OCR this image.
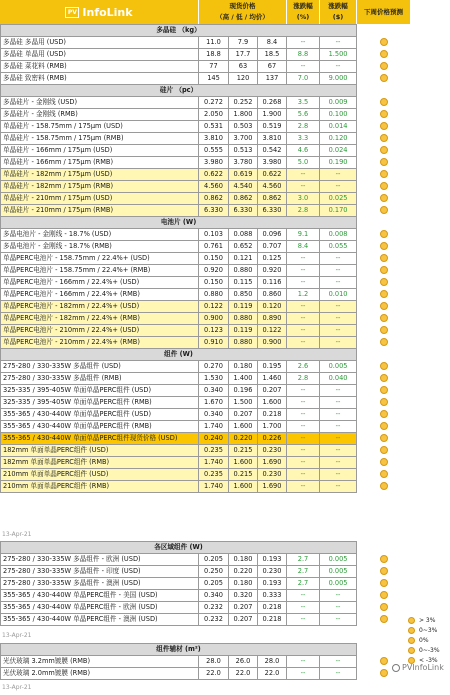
PV InfoLink	现货价格
（高 / 低 / 均价）
涨跌幅
(%)
涨跌幅
($)
下周价格预测
多晶硅 （kg）						
多晶硅 多晶用 (USD)	11.0	7.9	8.4	--	--	
多晶硅 单晶用 (USD)	18.8	17.7	18.5	8.8	1.500	
多晶硅 菜花料 (RMB)	77	63	67	--	--	
多晶硅 致密料 (RMB)	145	120	137	7.0	9.000	
硅片 （pc）						
多晶硅片 - 金刚线 (USD)	0.272	0.252	0.268	3.5	0.009	
多晶硅片 - 金刚线 (RMB)	2.050	1.800	1.900	5.6	0.100	
单晶硅片 - 158.75mm / 175μm (USD)	0.531	0.503	0.519	2.8	0.014	
单晶硅片 - 158.75mm / 175μm (RMB)	3.810	3.700	3.810	3.3	0.120	
单晶硅片 - 166mm / 175μm (USD)	0.555	0.513	0.542	4.6	0.024	
单晶硅片 - 166mm / 175μm (RMB)	3.980	3.780	3.980	5.0	0.190	
单晶硅片 - 182mm / 175μm (USD)	0.622	0.619	0.622	--	--	
单晶硅片 - 182mm / 175μm (RMB)	4.560	4.540	4.560	--	--	
单晶硅片 - 210mm / 175μm (USD)	0.862	0.862	0.862	3.0	0.025	
单晶硅片 - 210mm / 175μm (RMB)	6.330	6.330	6.330	2.8	0.170	
电池片 (W)						
多晶电池片 - 金刚线 - 18.7% (USD)	0.103	0.088	0.096	9.1	0.008	
多晶电池片 - 金刚线 - 18.7% (RMB)	0.761	0.652	0.707	8.4	0.055	
单晶PERC电池片 - 158.75mm / 22.4%+ (USD)	0.150	0.121	0.125	--	--	
单晶PERC电池片 - 158.75mm / 22.4%+ (RMB)	0.920	0.880	0.920	--	--	
单晶PERC电池片 - 166mm / 22.4%+ (USD)	0.150	0.115	0.116	--	--	
单晶PERC电池片 - 166mm / 22.4%+ (RMB)	0.880	0.850	0.860	1.2	0.010	
单晶PERC电池片 - 182mm / 22.4%+ (USD)	0.122	0.119	0.120	--	--	
单晶PERC电池片 - 182mm / 22.4%+ (RMB)	0.900	0.880	0.890	--	--	
单晶PERC电池片 - 210mm / 22.4%+ (USD)	0.123	0.119	0.122	--	--	
单晶PERC电池片 - 210mm / 22.4%+ (RMB)	0.910	0.880	0.900	--	--	
组件 (W)						
275-280 / 330-335W 多晶组件 (USD)	0.270	0.180	0.195	2.6	0.005	
275-280 / 330-335W 多晶组件 (RMB)	1.530	1.400	1.460	2.8	0.040	
325-335 / 395-405W 单面单晶PERC组件 (USD)	0.340	0.196	0.207	--	--	
325-335 / 395-405W 单面单晶PERC组件 (RMB)	1.670	1.500	1.600	--	--	
355-365 / 430-440W 单面单晶PERC组件 (USD)	0.340	0.207	0.218	--	--	
355-365 / 430-440W 单面单晶PERC组件 (RMB)	1.740	1.600	1.700	--	--	
355-365 / 430-440W 单面单晶PERC组件现货价格 (USD)	0.240	0.220	0.226	--	--	
182mm 单面单晶PERC组件 (USD)	0.235	0.215	0.230	--	--	
182mm 单面单晶PERC组件 (RMB)	1.740	1.600	1.690	--	--	
210mm 单面单晶PERC组件 (USD)	0.235	0.215	0.230	--	--	
210mm 单面单晶PERC组件 (RMB)	1.740	1.600	1.690	--	--	
13-Apr-21
各区域组件 (W)						
275-280 / 330-335W 多晶组件 - 欧洲 (USD)	0.205	0.180	0.193	2.7	0.005	
275-280 / 330-335W 多晶组件 - 印度 (USD)	0.250	0.220	0.230	2.7	0.005	
275-280 / 330-335W 多晶组件 - 澳洲 (USD)	0.205	0.180	0.193	2.7	0.005	
355-365 / 430-440W 单晶PERC组件 - 美国 (USD)	0.340	0.320	0.333	--	--	
355-365 / 430-440W 单晶PERC组件 - 欧洲 (USD)	0.232	0.207	0.218	--	--	
355-365 / 430-440W 单晶PERC组件 - 澳洲 (USD)	0.232	0.207	0.218	--	--	
13-Apr-21
组件辅材 (m²)						
光伏玻璃 3.2mm镀膜 (RMB)	28.0	26.0	28.0	--	--	
光伏玻璃 2.0mm镀膜 (RMB)	22.0	22.0	22.0	--	--	
13-Apr-21
> 3%
0~3%
0%
0~-3%
< -3%
PVInfoLink
